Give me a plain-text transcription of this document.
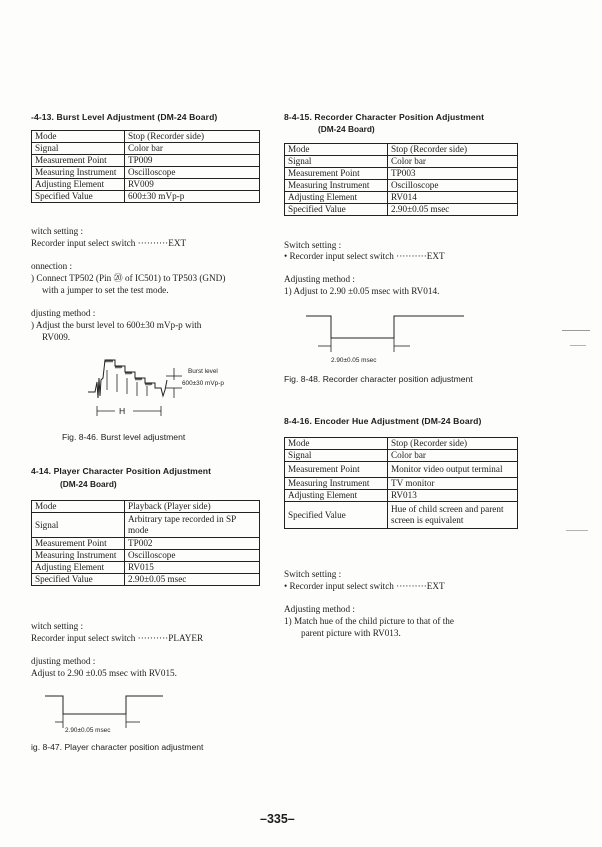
-4-13. Burst Level Adjustment (DM-24 Board)
Mode	Stop (Recorder side)
Signal	Color bar
Measurement Point	TP009
Measuring Instrument	Oscilloscope
Adjusting Element	RV009
Specified Value	600±30 mVp-p
witch setting :
Recorder input select switch ··········EXT
onnection :
) Connect TP502 (Pin ⑳ of IC501) to TP503 (GND)
with a jumper to set the test mode.
djusting method :
) Adjust the burst level to 600±30 mVp-p with
RV009.
Burst level
600±30 mVp-p
H
Fig. 8-46. Burst level adjustment
4-14. Player Character Position Adjustment
(DM-24 Board)
Mode	Playback (Player side)
Signal	Arbitrary tape recorded in SP mode
Measurement Point	TP002
Measuring Instrument	Oscilloscope
Adjusting Element	RV015
Specified Value	2.90±0.05 msec
witch setting :
Recorder input select switch ··········PLAYER
djusting method :
Adjust to 2.90 ±0.05 msec with RV015.
2.90±0.05 msec
ig. 8-47. Player character position adjustment
8-4-15. Recorder Character Position Adjustment
(DM-24 Board)
Mode	Stop (Recorder side)
Signal	Color bar
Measurement Point	TP003
Measuring Instrument	Oscilloscope
Adjusting Element	RV014
Specified Value	2.90±0.05 msec
Switch setting :
• Recorder input select switch ··········EXT
Adjusting method :
1) Adjust to 2.90 ±0.05 msec with RV014.
2.90±0.05 msec
Fig. 8-48. Recorder character position adjustment
8-4-16. Encoder Hue Adjustment (DM-24 Board)
Mode	Stop (Recorder side)
Signal	Color bar
Measurement Point	Monitor video output terminal
Measuring Instrument	TV monitor
Adjusting Element	RV013
Specified Value	Hue of child screen and parent screen is equivalent
Switch setting :
• Recorder input select switch ··········EXT
Adjusting method :
1) Match hue of the child picture to that of the
parent picture with RV013.
–335–
